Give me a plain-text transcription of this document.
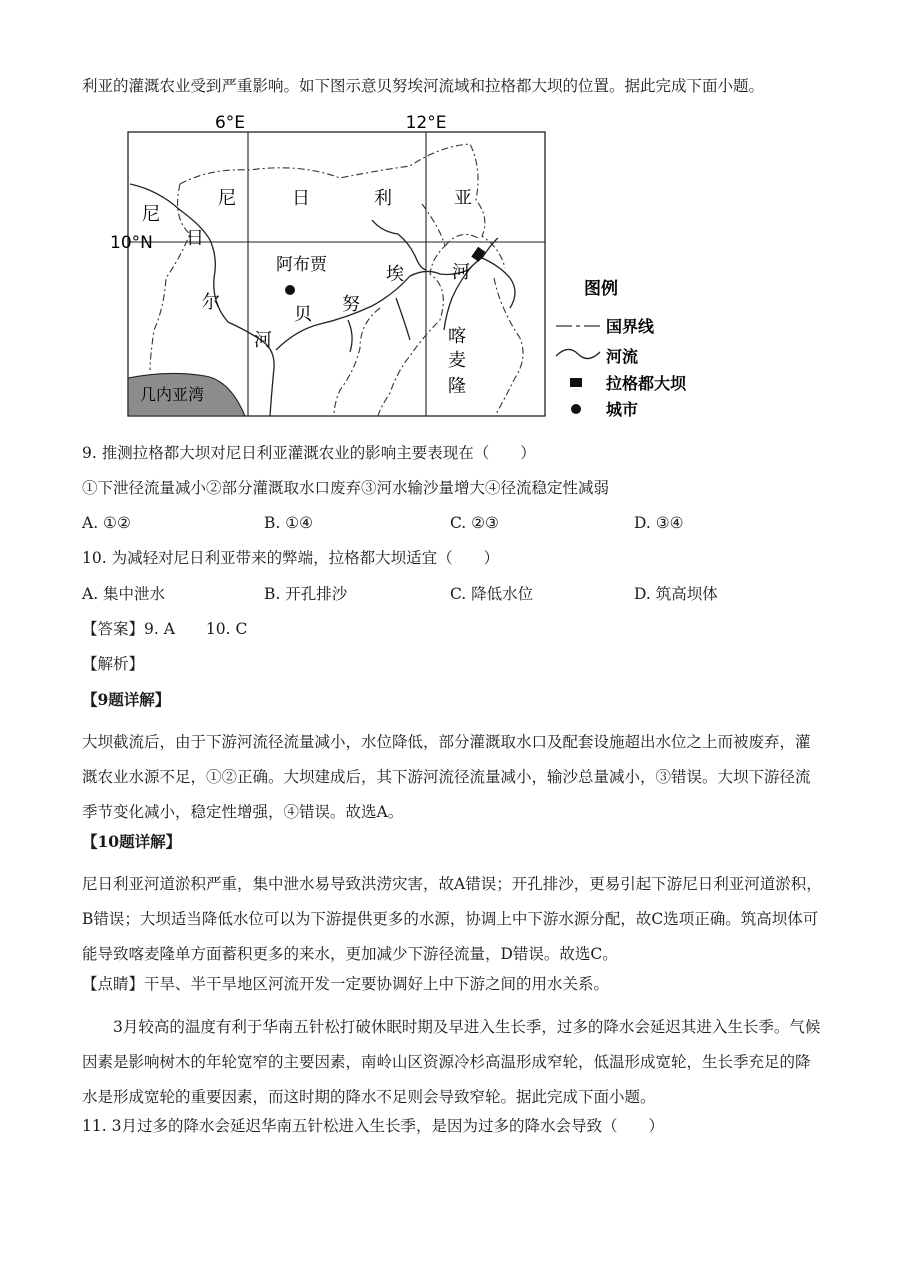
利亚的灌溉农业受到严重影响。如下图示意贝努埃河流域和拉格都大坝的位置。据此完成下面小题。
6°E	12°E
10°N
尼	日	利	亚
尼
日
尔
河
贝 努
埃	河
喀
麦
隆
阿布贾
几内亚湾
图例
国界线
河流
拉格都大坝
城市
9. 推测拉格都大坝对尼日利亚灌溉农业的影响主要表现在（　　）
①下泄径流量减小②部分灌溉取水口废弃③河水输沙量增大④径流稳定性减弱
A. ①②	B. ①④	C. ②③	D. ③④
10. 为减轻对尼日利亚带来的弊端，拉格都大坝适宜（　　）
A. 集中泄水	B. 开孔排沙	C. 降低水位	D. 筑高坝体
【答案】9. A　　10. C
【解析】
【9题详解】
大坝截流后，由于下游河流径流量减小，水位降低，部分灌溉取水口及配套设施超出水位之上而被废弃，灌溉农业水源不足，①②正确。大坝建成后，其下游河流径流量减小，输沙总量减小，③错误。大坝下游径流季节变化减小，稳定性增强，④错误。故选A。
【10题详解】
尼日利亚河道淤积严重，集中泄水易导致洪涝灾害，故A错误；开孔排沙，更易引起下游尼日利亚河道淤积，B错误；大坝适当降低水位可以为下游提供更多的水源，协调上中下游水源分配，故C选项正确。筑高坝体可能导致喀麦隆单方面蓄积更多的来水，更加减少下游径流量，D错误。故选C。
【点睛】干旱、半干旱地区河流开发一定要协调好上中下游之间的用水关系。
3月较高的温度有利于华南五针松打破休眠时期及早进入生长季，过多的降水会延迟其进入生长季。气候因素是影响树木的年轮宽窄的主要因素，南岭山区资源冷杉高温形成窄轮，低温形成宽轮，生长季充足的降水是形成宽轮的重要因素，而这时期的降水不足则会导致窄轮。据此完成下面小题。
11. 3月过多的降水会延迟华南五针松进入生长季，是因为过多的降水会导致（　　）
